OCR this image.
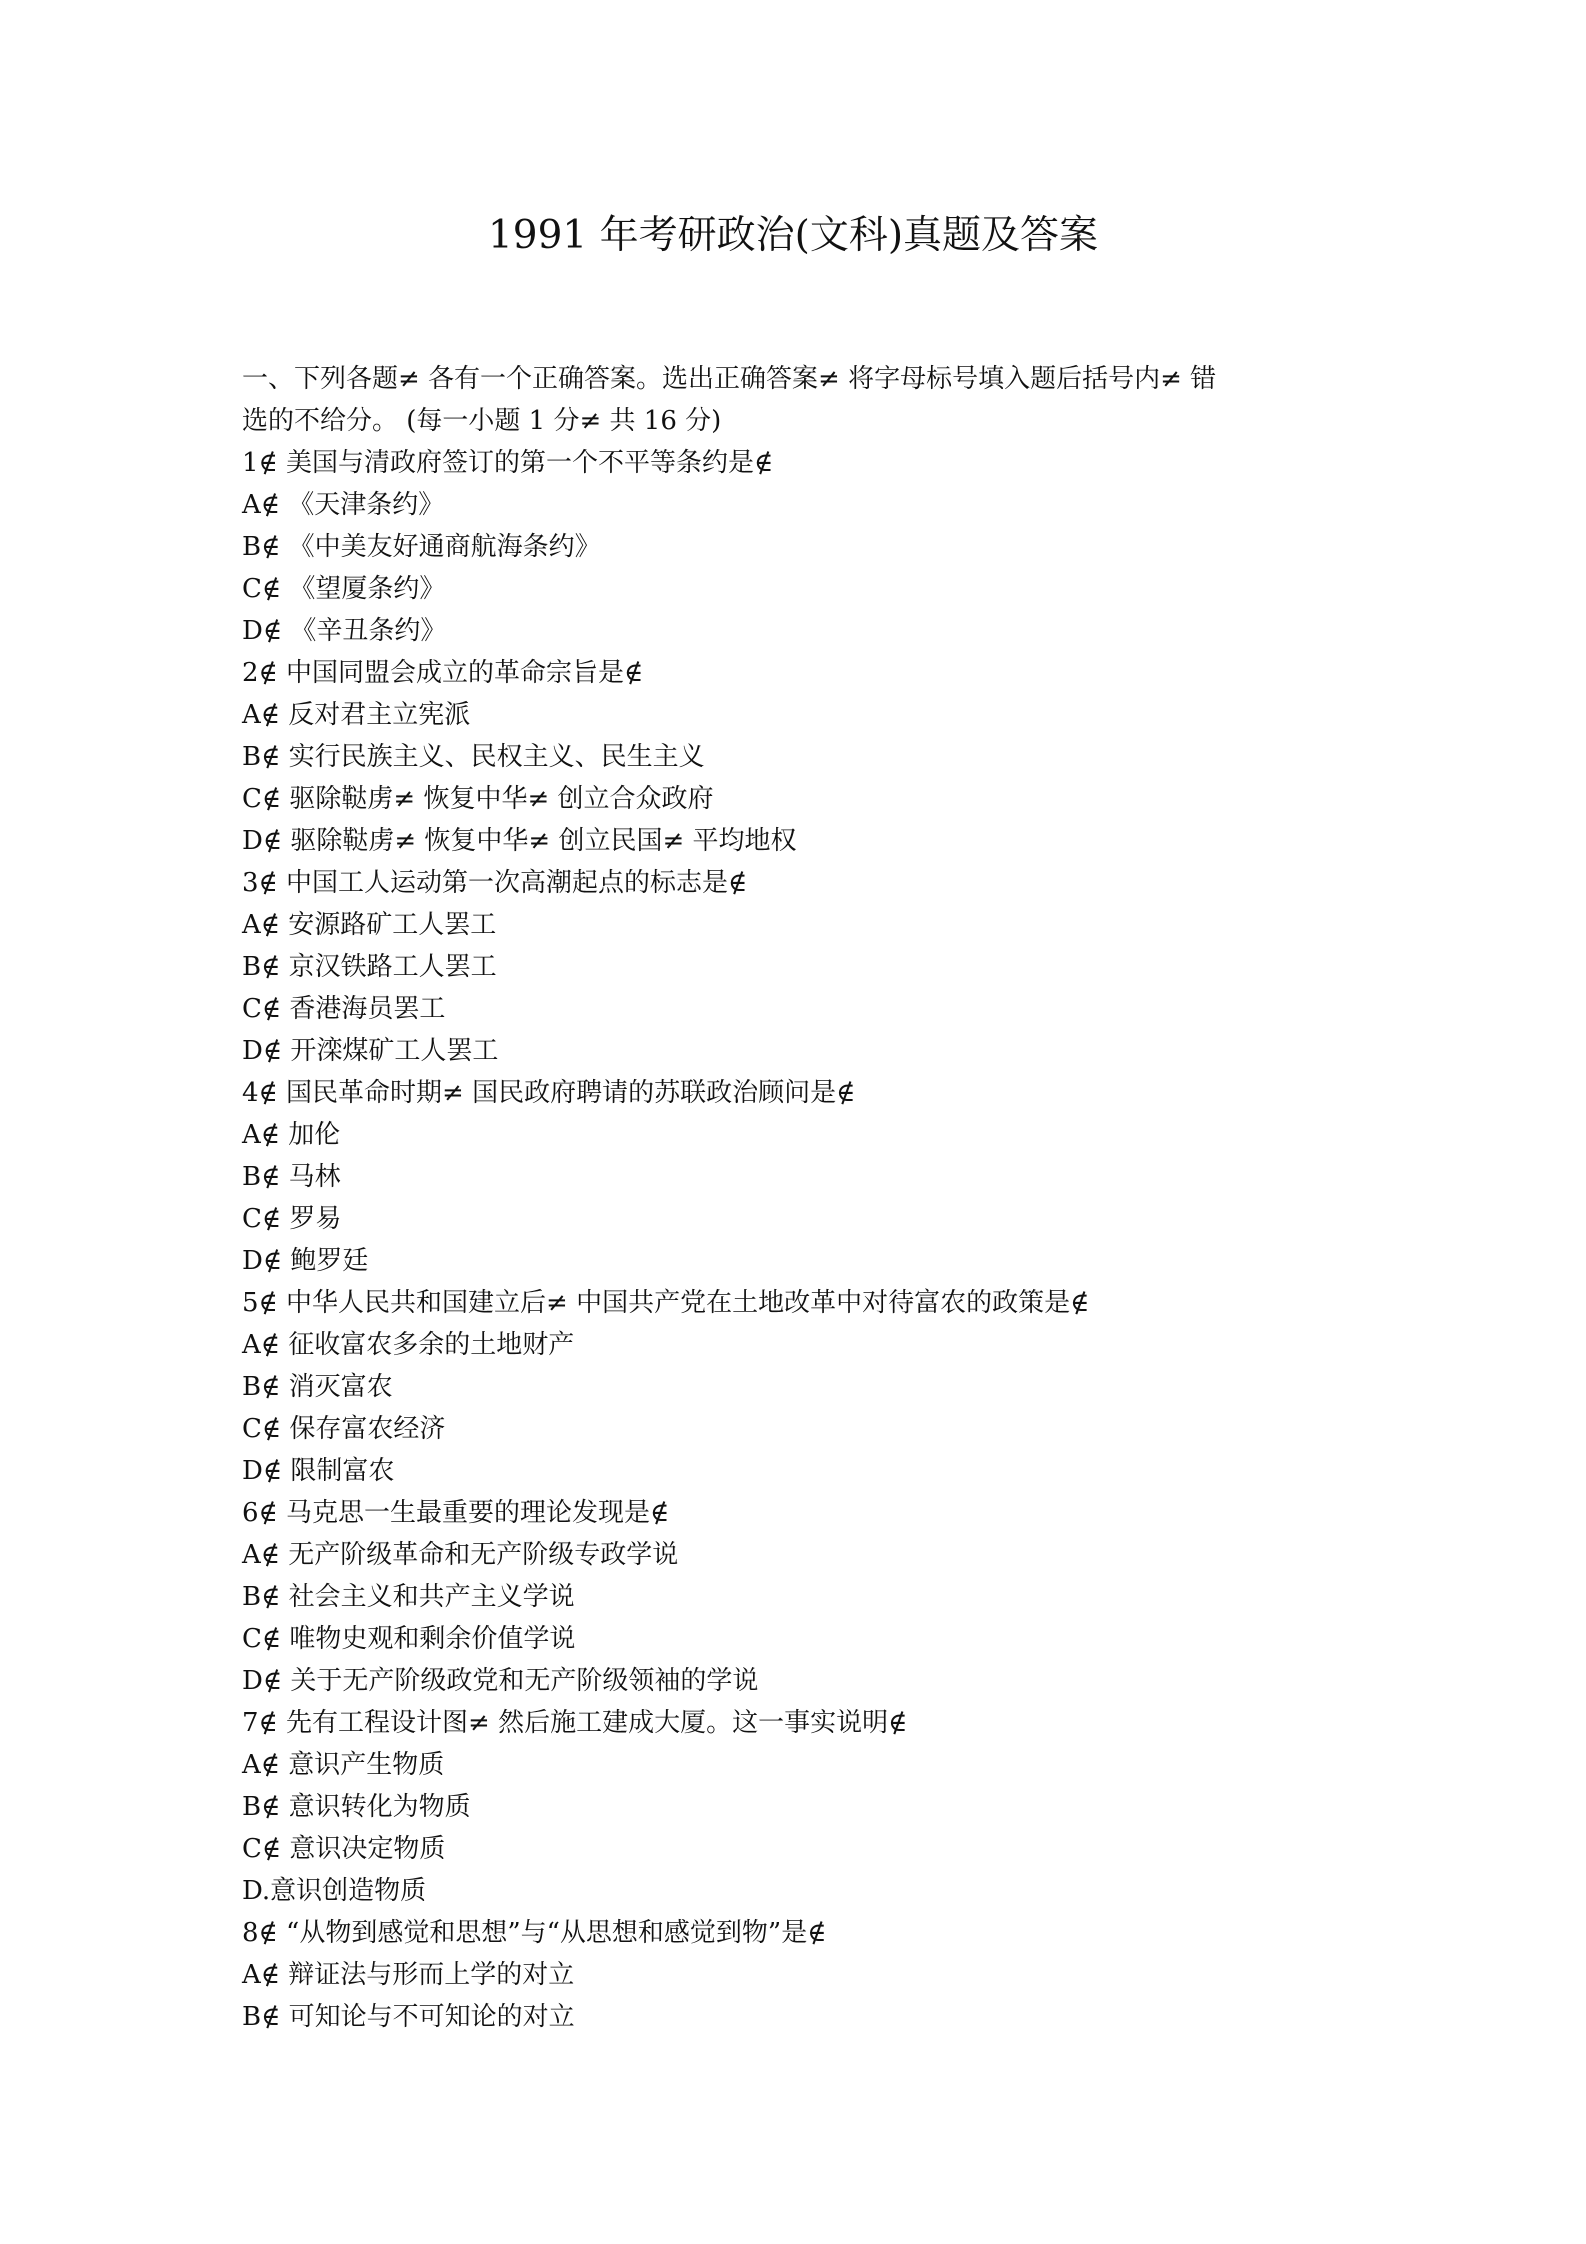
1991 年考研政治(文科)真题及答案

一、下列各题≠ 各有一个正确答案。选出正确答案≠ 将字母标号填入题后括号内≠ 错
选的不给分。 (每一小题 1 分≠ 共 16 分)

1∉ 美国与清政府签订的第一个不平等条约是∉
A∉ 《天津条约》
B∉ 《中美友好通商航海条约》
C∉ 《望厦条约》
D∉ 《辛丑条约》
2∉ 中国同盟会成立的革命宗旨是∉
A∉ 反对君主立宪派
B∉ 实行民族主义、民权主义、民生主义
C∉ 驱除鞑虏≠ 恢复中华≠ 创立合众政府
D∉ 驱除鞑虏≠ 恢复中华≠ 创立民国≠ 平均地权
3∉ 中国工人运动第一次高潮起点的标志是∉
A∉ 安源路矿工人罢工
B∉ 京汉铁路工人罢工
C∉ 香港海员罢工
D∉ 开滦煤矿工人罢工
4∉ 国民革命时期≠ 国民政府聘请的苏联政治顾问是∉
A∉ 加伦
B∉ 马林
C∉ 罗易
D∉ 鲍罗廷
5∉ 中华人民共和国建立后≠ 中国共产党在土地改革中对待富农的政策是∉
A∉ 征收富农多余的土地财产
B∉ 消灭富农
C∉ 保存富农经济
D∉ 限制富农
6∉ 马克思一生最重要的理论发现是∉
A∉ 无产阶级革命和无产阶级专政学说
B∉ 社会主义和共产主义学说
C∉ 唯物史观和剩余价值学说
D∉ 关于无产阶级政党和无产阶级领袖的学说
7∉ 先有工程设计图≠ 然后施工建成大厦。这一事实说明∉
A∉ 意识产生物质
B∉ 意识转化为物质
C∉ 意识决定物质
D.意识创造物质
8∉ “从物到感觉和思想”与“从思想和感觉到物”是∉
A∉ 辩证法与形而上学的对立
B∉ 可知论与不可知论的对立
